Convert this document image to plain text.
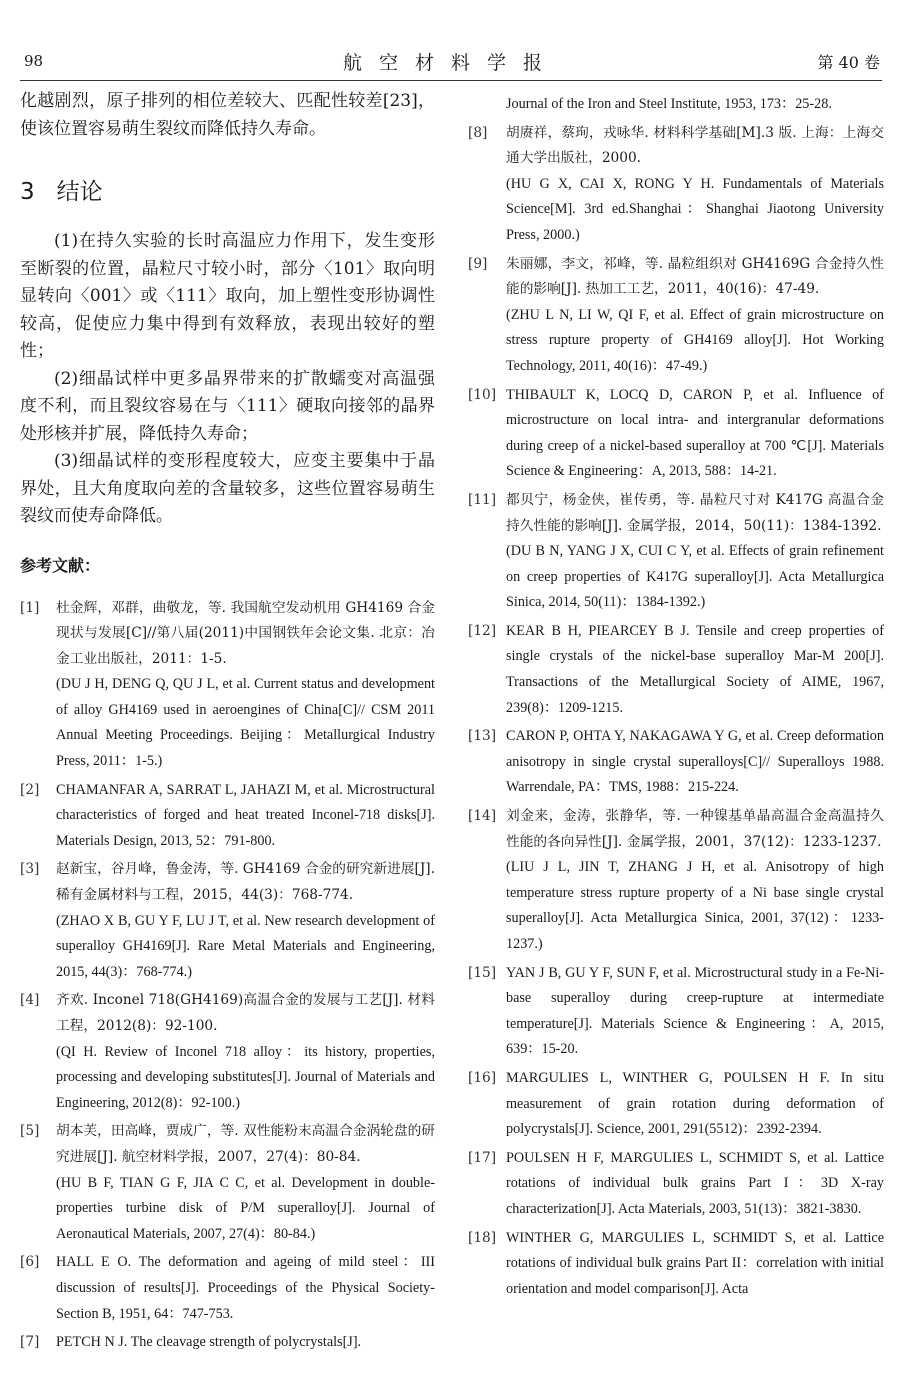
98	航空材料学报	第 40 卷

化越剧烈，原子排列的相位差较大、匹配性较差[23]，使该位置容易萌生裂纹而降低持久寿命。

3 结论

(1)在持久实验的长时高温应力作用下，发生变形至断裂的位置，晶粒尺寸较小时，部分〈101〉取向明显转向〈001〉或〈111〉取向，加上塑性变形协调性较高，促使应力集中得到有效释放，表现出较好的塑性；

(2)细晶试样中更多晶界带来的扩散蠕变对高温强度不利，而且裂纹容易在与〈111〉硬取向接邻的晶界处形核并扩展，降低持久寿命；

(3)细晶试样的变形程度较大，应变主要集中于晶界处，且大角度取向差的含量较多，这些位置容易萌生裂纹而使寿命降低。

参考文献：
[1]	杜金辉，邓群，曲敬龙，等. 我国航空发动机用 GH4169 合金现状与发展[C]//第八届(2011)中国钢铁年会论文集. 北京：冶金工业出版社，2011：1-5.

(DU J H, DENG Q, QU J L, et al. Current status and development of alloy GH4169 used in aeroengines of China[C]// CSM 2011 Annual Meeting Proceedings. Beijing：Metallurgical Industry Press, 2011：1-5.)

[2]	CHAMANFAR A, SARRAT L, JAHAZI M, et al. Microstructural characteristics of forged and heat treated Inconel-718 disks[J]. Materials Design, 2013, 52：791-800.

[3]	赵新宝，谷月峰，鲁金涛，等. GH4169 合金的研究新进展[J]. 稀有金属材料与工程，2015，44(3)：768-774.

(ZHAO X B, GU Y F, LU J T, et al. New research development of superalloy GH4169[J]. Rare Metal Materials and Engineering, 2015, 44(3)：768-774.)

[4]	齐欢. Inconel 718(GH4169)高温合金的发展与工艺[J]. 材料工程，2012(8)：92-100.

(QI H. Review of Inconel 718 alloy：its history, properties, processing and developing substitutes[J]. Journal of Materials and Engineering, 2012(8)：92-100.)

[5]	胡本芙，田高峰，贾成广，等. 双性能粉末高温合金涡轮盘的研究进展[J]. 航空材料学报，2007，27(4)：80-84.

(HU B F, TIAN G F, JIA C C, et al. Development in double- properties turbine disk of P/M superalloy[J]. Journal of Aeronautical Materials, 2007, 27(4)：80-84.)

[6]	HALL E O. The deformation and ageing of mild steel：III discussion of results[J]. Proceedings of the Physical Society-Section B, 1951, 64：747-753.

[7]	PETCH N J. The cleavage strength of polycrystals[J].

Journal of the Iron and Steel Institute, 1953, 173：25-28.
[8] 胡赓祥，蔡珣，戎咏华. 材料科学基础[M].3 版. 上海：上海交通大学出版社，2000.

(HU G X, CAI X, RONG Y H. Fundamentals of Materials Science[M]. 3rd ed.Shanghai：Shanghai Jiaotong University Press, 2000.)

[9] 朱丽娜，李文，祁峰，等. 晶粒组织对 GH4169G 合金持久性能的影响[J]. 热加工工艺，2011，40(16)：47-49.

(ZHU L N, LI W, QI F, et al. Effect of grain microstructure on stress rupture property of GH4169 alloy[J]. Hot Working Technology, 2011, 40(16)：47-49.)

[10] THIBAULT K, LOCQ D, CARON P, et al. Influence of microstructure on local intra- and intergranular deformations during creep of a nickel-based superalloy at 700 ℃[J]. Materials Science & Engineering：A, 2013, 588：14-21.

[11] 都贝宁，杨金侠，崔传勇，等. 晶粒尺寸对 K417G 高温合金持久性能的影响[J]. 金属学报，2014，50(11)：1384-1392.

(DU B N, YANG J X, CUI C Y, et al. Effects of grain refinement on creep properties of K417G superalloy[J]. Acta Metallurgica Sinica, 2014, 50(11)：1384-1392.)

[12] KEAR B H, PIEARCEY B J. Tensile and creep properties of single crystals of the nickel-base superalloy Mar-M 200[J]. Transactions of the Metallurgical Society of AIME, 1967, 239(8)：1209-1215.

[13] CARON P, OHTA Y, NAKAGAWA Y G, et al. Creep deformation anisotropy in single crystal superalloys[C]// Superalloys 1988. Warrendale, PA：TMS, 1988：215-224.

[14] 刘金来，金涛，张静华，等. 一种镍基单晶高温合金高温持久性能的各向异性[J]. 金属学报，2001，37(12)：1233-1237.

(LIU J L, JIN T, ZHANG J H, et al. Anisotropy of high temperature stress rupture property of a Ni base single crystal superalloy[J]. Acta Metallurgica Sinica, 2001, 37(12)：1233-1237.)

[15] YAN J B, GU Y F, SUN F, et al. Microstructural study in a Fe-Ni-base superalloy during creep-rupture at intermediate temperature[J]. Materials Science & Engineering：A, 2015, 639：15-20.

[16] MARGULIES L, WINTHER G, POULSEN H F. In situ measurement of grain rotation during deformation of polycrystals[J]. Science, 2001, 291(5512)：2392-2394.

[17] POULSEN H F, MARGULIES L, SCHMIDT S, et al. Lattice rotations of individual bulk grains Part I：3D X-ray characterization[J]. Acta Materials, 2003, 51(13)：3821-3830.

[18] WINTHER G, MARGULIES L, SCHMIDT S, et al. Lattice rotations of individual bulk grains Part II：correlation with initial orientation and model comparison[J]. Acta
